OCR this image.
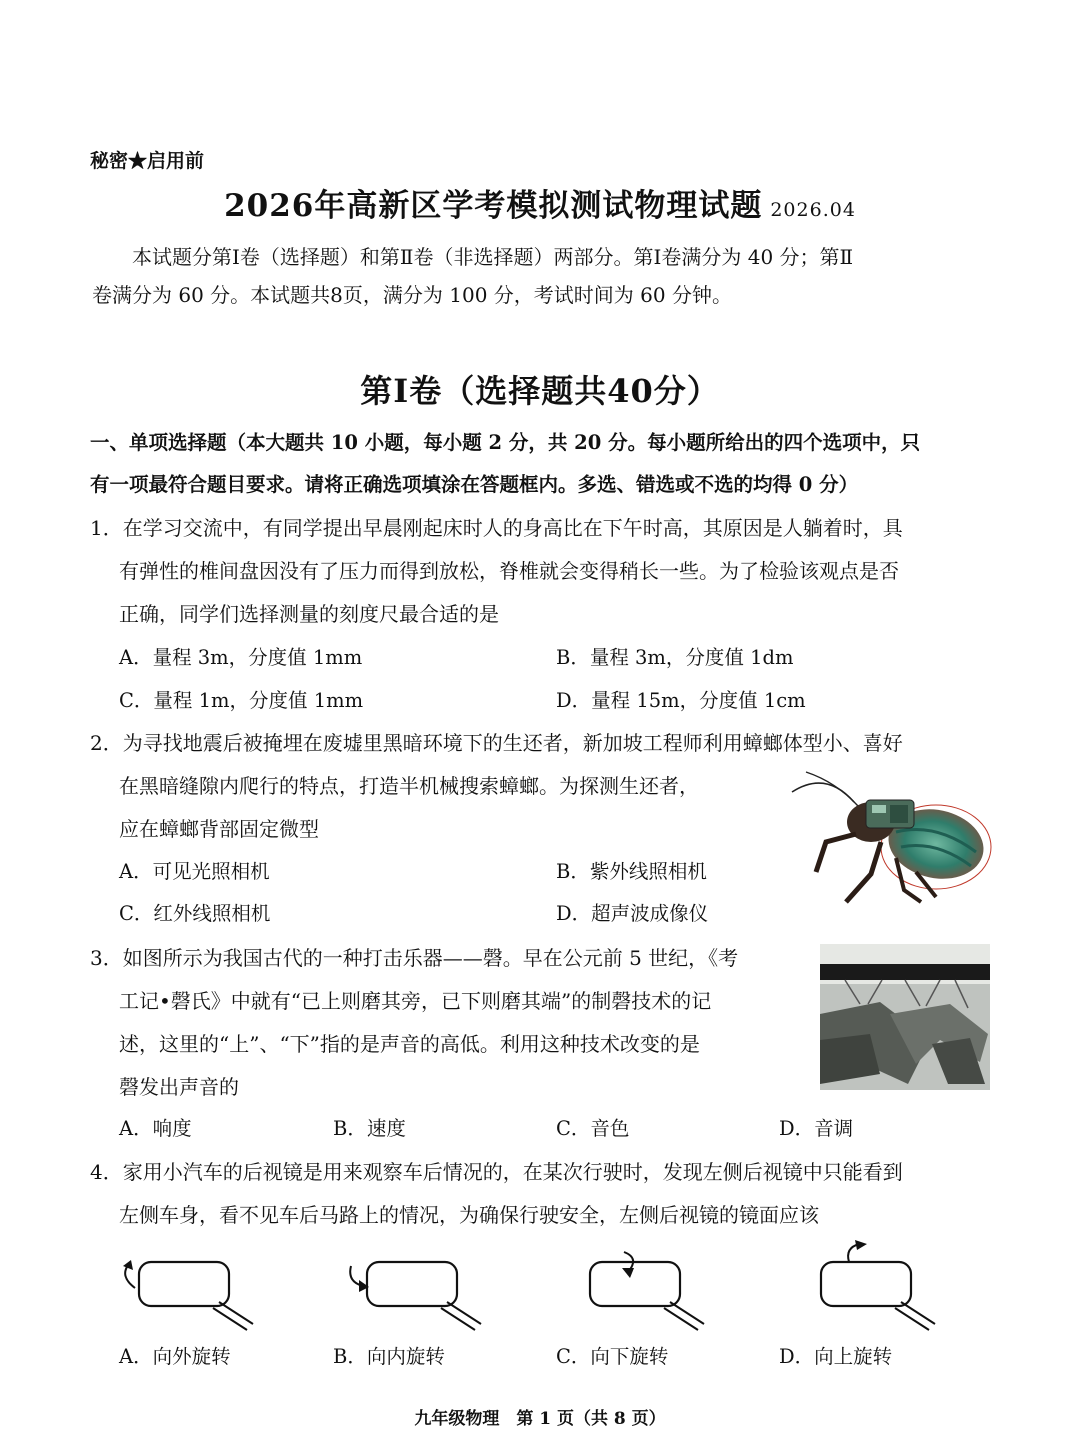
秘密★启用前
2026年高新区学考模拟测试物理试题 2026.04
本试题分第Ⅰ卷（选择题）和第Ⅱ卷（非选择题）两部分。第Ⅰ卷满分为 40 分；第Ⅱ
卷满分为 60 分。本试题共8页，满分为 100 分，考试时间为 60 分钟。
第Ⅰ卷（选择题共40分）
一、单项选择题（本大题共 10 小题，每小题 2 分，共 20 分。每小题所给出的四个选项中，只
有一项最符合题目要求。请将正确选项填涂在答题框内。多选、错选或不选的均得 0 分）
1．在学习交流中，有同学提出早晨刚起床时人的身高比在下午时高，其原因是人躺着时，具
有弹性的椎间盘因没有了压力而得到放松，脊椎就会变得稍长一些。为了检验该观点是否
正确，同学们选择测量的刻度尺最合适的是
A．量程 3m，分度值 1mm	B．量程 3m，分度值 1dm
C．量程 1m，分度值 1mm	D．量程 15m，分度值 1cm
2．为寻找地震后被掩埋在废墟里黑暗环境下的生还者，新加坡工程师利用蟑螂体型小、喜好
在黑暗缝隙内爬行的特点，打造半机械搜索蟑螂。为探测生还者，
应在蟑螂背部固定微型
A．可见光照相机	B．紫外线照相机
C．红外线照相机	D．超声波成像仪
3．如图所示为我国古代的一种打击乐器——磬。早在公元前 5 世纪，《考
工记•磬氏》中就有“已上则磨其旁，已下则磨其端”的制磬技术的记
述，这里的“上”、“下”指的是声音的高低。利用这种技术改变的是
磬发出声音的
A．响度	B．速度	C．音色	D．音调
4．家用小汽车的后视镜是用来观察车后情况的，在某次行驶时，发现左侧后视镜中只能看到
左侧车身，看不见车后马路上的情况，为确保行驶安全，左侧后视镜的镜面应该
A．向外旋转	B．向内旋转	C．向下旋转	D．向上旋转
九年级物理　第 1 页（共 8 页）
